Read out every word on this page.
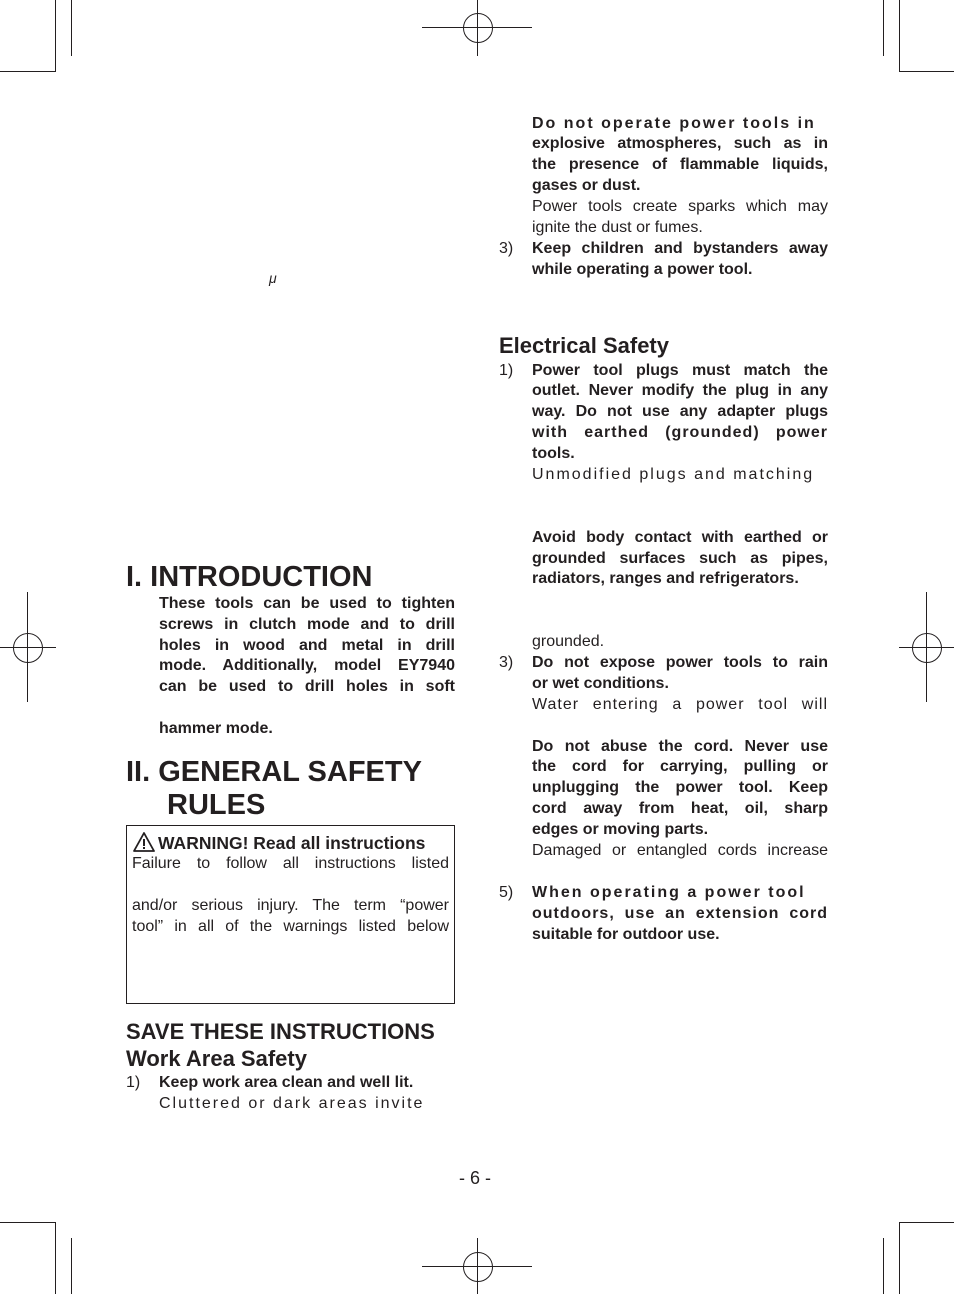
μ
I. INTRODUCTION
These tools can be used to tighten
screws in clutch mode and to drill
holes in wood and metal in drill
mode. Additionally, model EY7940
can be used to drill holes in soft
hammer mode.
II. GENERAL SAFETY
RULES
WARNING! Read all instructions
Failure to follow all instructions listed
and/or serious injury. The term “power
tool” in all of the warnings listed below
SAVE THESE INSTRUCTIONS
Work Area Safety
1) Keep work area clean and well lit.
Cluttered or dark areas invite
Do not operate power tools in
explosive atmospheres, such as in
the presence of flammable liquids,
gases or dust.
Power tools create sparks which may
ignite the dust or fumes.
3) Keep children and bystanders away
while operating a power tool.
Electrical Safety
1) Power tool plugs must match the
outlet. Never modify the plug in any
way. Do not use any adapter plugs
with earthed (grounded) power
tools.
Unmodified plugs and matching
Avoid body contact with earthed or
grounded surfaces such as pipes,
radiators, ranges and refrigerators.
grounded.
3) Do not expose power tools to rain
or wet conditions.
Water entering a power tool will
Do not abuse the cord. Never use
the cord for carrying, pulling or
unplugging the power tool. Keep
cord away from heat, oil, sharp
edges or moving parts.
Damaged or entangled cords increase
5) When operating a power tool
outdoors, use an extension cord
suitable for outdoor use.
- 6 -
